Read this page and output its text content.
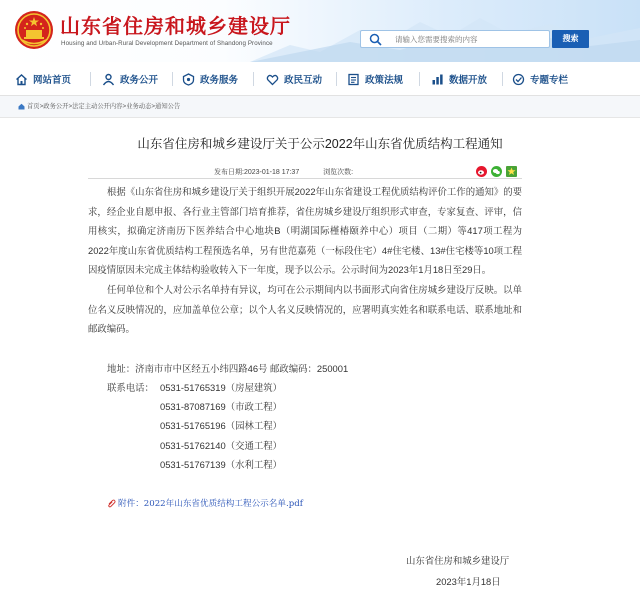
山东省住房和城乡建设厅
Housing and Urban-Rural Development Department of Shandong Province
请输入您需要搜索的内容
搜索
网站首页	政务公开	政务服务	政民互动	政策法规	数据开放	专题专栏
首页>政务公开>法定主动公开内容>业务动态>通知公告
山东省住房和城乡建设厅关于公示2022年山东省优质结构工程通知
发布日期:2023-01-18 17:37	浏览次数:
根据《山东省住房和城乡建设厅关于组织开展2022年山东省建设工程优质结构评价工作的通知》的要求，经企业自愿申报、各行业主管部门培育推荐，省住房城乡建设厅组织形式审查，专家复查、评审，信用核实，拟确定济南历下医养结合中心地块B（明湖国际槿椿颐养中心）项目（二期）等417项工程为2022年度山东省优质结构工程预选名单，另有世范嘉苑（一标段住宅）4#住宅楼、13#住宅楼等10项工程因疫情原因未完成主体结构验收转入下一年度，现予以公示。公示时间为2023年1月18日至29日。
任何单位和个人对公示名单持有异议，均可在公示期间内以书面形式向省住房城乡建设厅反映。以单位名义反映情况的，应加盖单位公章；以个人名义反映情况的，应署明真实姓名和联系电话、联系地址和邮政编码。
地址：济南市市中区经五小纬四路46号 邮政编码：250001
联系电话： 0531-51765319（房屋建筑）
0531-87087169（市政工程）
0531-51765196（园林工程）
0531-51762140（交通工程）
0531-51767139（水利工程）
附件：2022年山东省优质结构工程公示名单.pdf
山东省住房和城乡建设厅
2023年1月18日
